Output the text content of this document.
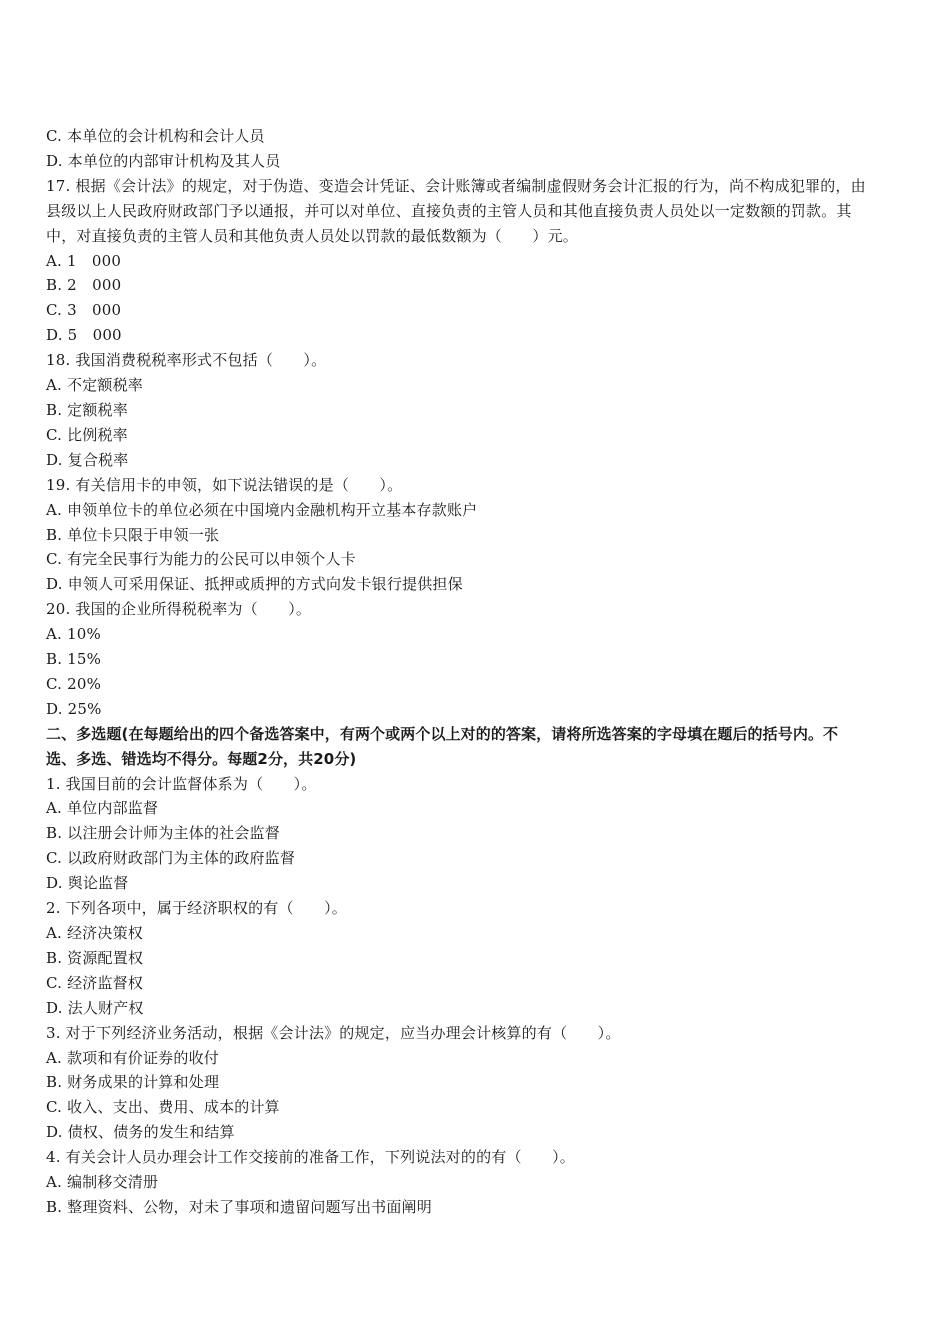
C. 本单位的会计机构和会计人员
D. 本单位的内部审计机构及其人员
17. 根据《会计法》的规定，对于伪造、变造会计凭证、会计账簿或者编制虚假财务会计汇报的行为，尚不构成犯罪的，由县级以上人民政府财政部门予以通报，并可以对单位、直接负责的主管人员和其他直接负责人员处以一定数额的罚款。其中，对直接负责的主管人员和其他负责人员处以罚款的最低数额为（　　）元。
A. 1　000
B. 2　000
C. 3　000
D. 5　000
18. 我国消费税税率形式不包括（　　）。
A. 不定额税率
B. 定额税率
C. 比例税率
D. 复合税率
19. 有关信用卡的申领，如下说法错误的是（　　）。
A. 申领单位卡的单位必须在中国境内金融机构开立基本存款账户
B. 单位卡只限于申领一张
C. 有完全民事行为能力的公民可以申领个人卡
D. 申领人可采用保证、抵押或质押的方式向发卡银行提供担保
20. 我国的企业所得税税率为（　　）。
A. 10%
B. 15%
C. 20%
D. 25%
二、多选题(在每题给出的四个备选答案中，有两个或两个以上对的的答案，请将所选答案的字母填在题后的括号内。不选、多选、错选均不得分。每题2分，共20分)
1. 我国目前的会计监督体系为（　　）。
A. 单位内部监督
B. 以注册会计师为主体的社会监督
C. 以政府财政部门为主体的政府监督
D. 舆论监督
2. 下列各项中，属于经济职权的有（　　）。
A. 经济决策权
B. 资源配置权
C. 经济监督权
D. 法人财产权
3. 对于下列经济业务活动，根据《会计法》的规定，应当办理会计核算的有（　　）。
A. 款项和有价证券的收付
B. 财务成果的计算和处理
C. 收入、支出、费用、成本的计算
D. 债权、债务的发生和结算
4. 有关会计人员办理会计工作交接前的准备工作，下列说法对的的有（　　）。
A. 编制移交清册
B. 整理资料、公物，对未了事项和遗留问题写出书面阐明
